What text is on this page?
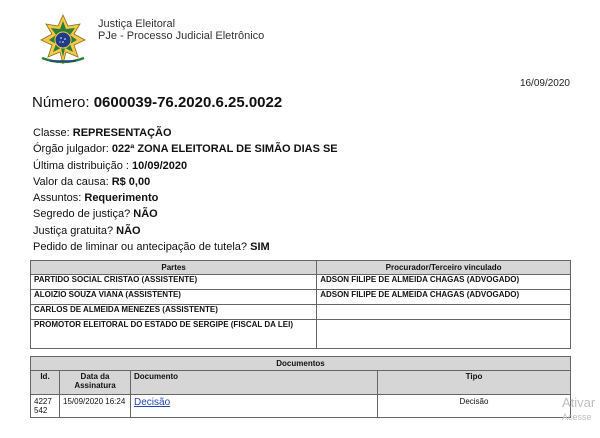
Justiça Eleitoral
PJe - Processo Judicial Eletrônico
16/09/2020
Número: 0600039-76.2020.6.25.0022
Classe: REPRESENTAÇÃO
Órgão julgador: 022ª ZONA ELEITORAL DE SIMÃO DIAS SE
Última distribuição : 10/09/2020
Valor da causa: R$ 0,00
Assuntos: Requerimento
Segredo de justiça? NÃO
Justiça gratuita? NÃO
Pedido de liminar ou antecipação de tutela? SIM
Partes	Procurador/Terceiro vinculado
PARTIDO SOCIAL CRISTAO (ASSISTENTE)	ADSON FILIPE DE ALMEIDA CHAGAS (ADVOGADO)
ALOIZIO SOUZA VIANA (ASSISTENTE)	ADSON FILIPE DE ALMEIDA CHAGAS (ADVOGADO)
CARLOS DE ALMEIDA MENEZES (ASSISTENTE)	
PROMOTOR ELEITORAL DO ESTADO DE SERGIPE (FISCAL DA LEI)	
Documentos			
Id.	Data da Assinatura	Documento	Tipo
4227542	15/09/2020 16:24	Decisão	Decisão	Ativar
Acesse
